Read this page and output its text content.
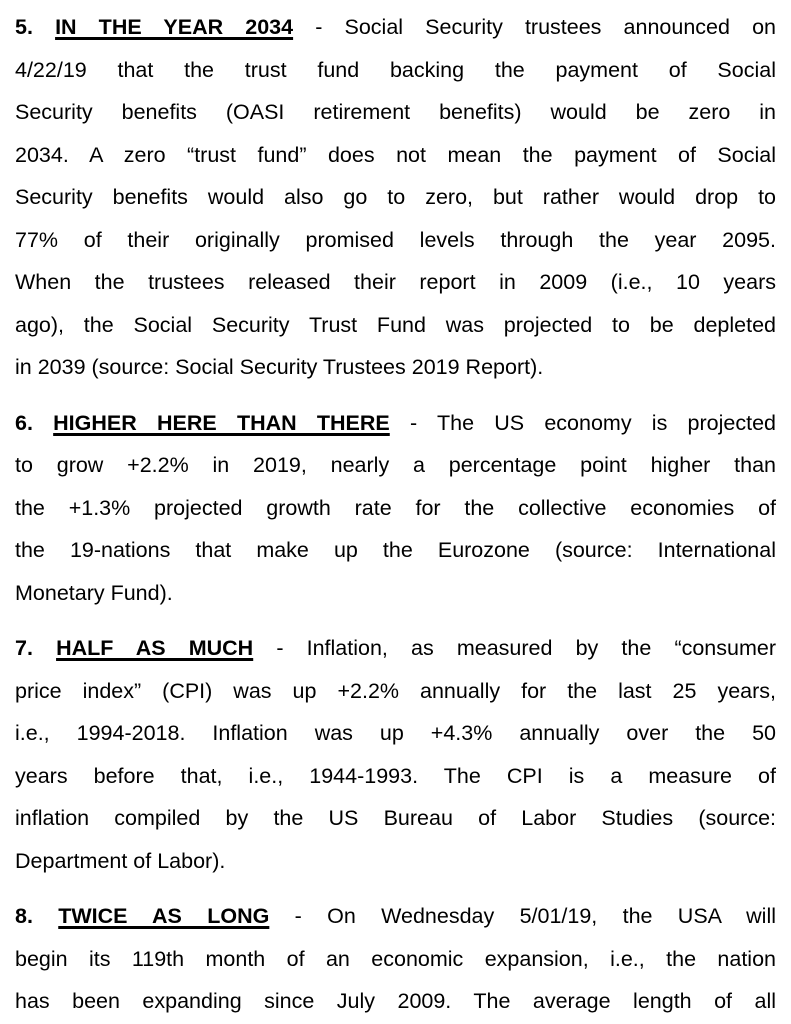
5. IN THE YEAR 2034 - Social Security trustees announced on
4/22/19 that the trust fund backing the payment of Social
Security benefits (OASI retirement benefits) would be zero in
2034. A zero “trust fund” does not mean the payment of Social
Security benefits would also go to zero, but rather would drop to
77% of their originally promised levels through the year 2095.
When the trustees released their report in 2009 (i.e., 10 years
ago), the Social Security Trust Fund was projected to be depleted
in 2039 (source: Social Security Trustees 2019 Report).
6. HIGHER HERE THAN THERE - The US economy is projected
to grow +2.2% in 2019, nearly a percentage point higher than
the +1.3% projected growth rate for the collective economies of
the 19-nations that make up the Eurozone (source: International
Monetary Fund).
7. HALF AS MUCH - Inflation, as measured by the “consumer
price index” (CPI) was up +2.2% annually for the last 25 years,
i.e., 1994-2018. Inflation was up +4.3% annually over the 50
years before that, i.e., 1944-1993. The CPI is a measure of
inflation compiled by the US Bureau of Labor Studies (source:
Department of Labor).
8. TWICE AS LONG - On Wednesday 5/01/19, the USA will
begin its 119th month of an economic expansion, i.e., the nation
has been expanding since July 2009. The average length of all
